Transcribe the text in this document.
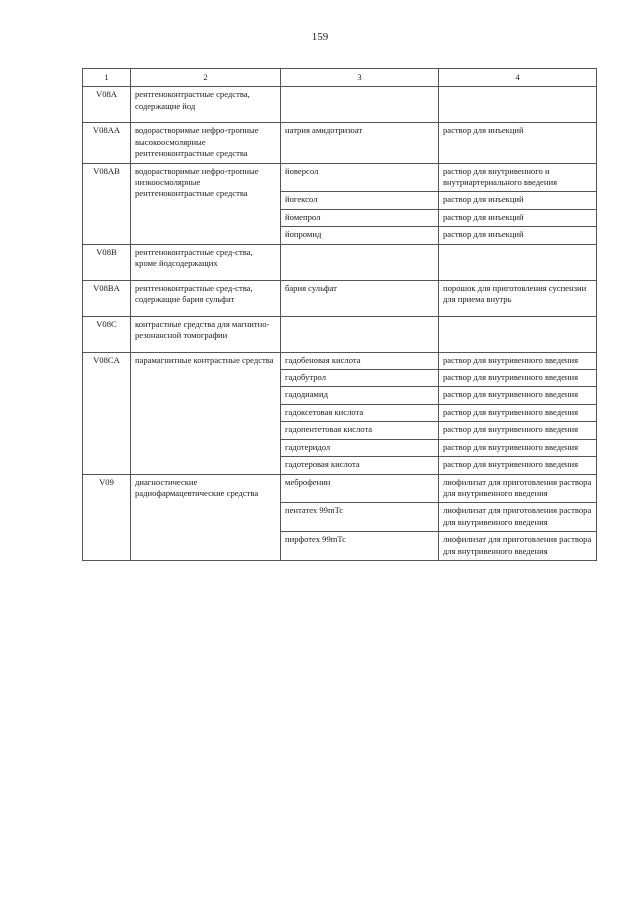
159
1	2	3	4
V08A	рентгеноконтрастные средства, содержащие йод		
V08AA	водорастворимые нефро-тропные высокоосмолярные рентгеноконтрастные средства	натрия амидотризоат	раствор для инъекций
V08AB	водорастворимые нефро-тропные низкоосмолярные рентгеноконтрастные средства	йоверсол	раствор для внутривенного и внутриартериального введения
		йогексол	раствор для инъекций
		йомепрол	раствор для инъекций
		йопромид	раствор для инъекций
V08B	рентгеноконтрастные сред-ства, кроме йодсодержащих		
V08BA	рентгеноконтрастные сред-ства, содержащие бария сульфат	бария сульфат	порошок для приготовления суспензии для приема внутрь
V08C	контрастные средства для магнитно-резонансной томографии		
V08CA	парамагнитные контрастные средства	гадобеновая кислота	раствор для внутривенного введения
		гадобутрол	раствор для внутривенного введения
		гадодиамид	раствор для внутривенного введения
		гадоксетовая кислота	раствор для внутривенного введения
		гадопентетовая кислота	раствор для внутривенного введения
		гадотеридол	раствор для внутривенного введения
		гадотеровая кислота	раствор для внутривенного введения
V09	диагностические радиофармацевтические средства	меброфенин	лиофилизат для приготовления раствора для внутривенного введения
		пентатех 99mTc	лиофилизат для приготовления раствора для внутривенного введения
		пирфотех 99mTc	лиофилизат для приготовления раствора для внутривенного введения
